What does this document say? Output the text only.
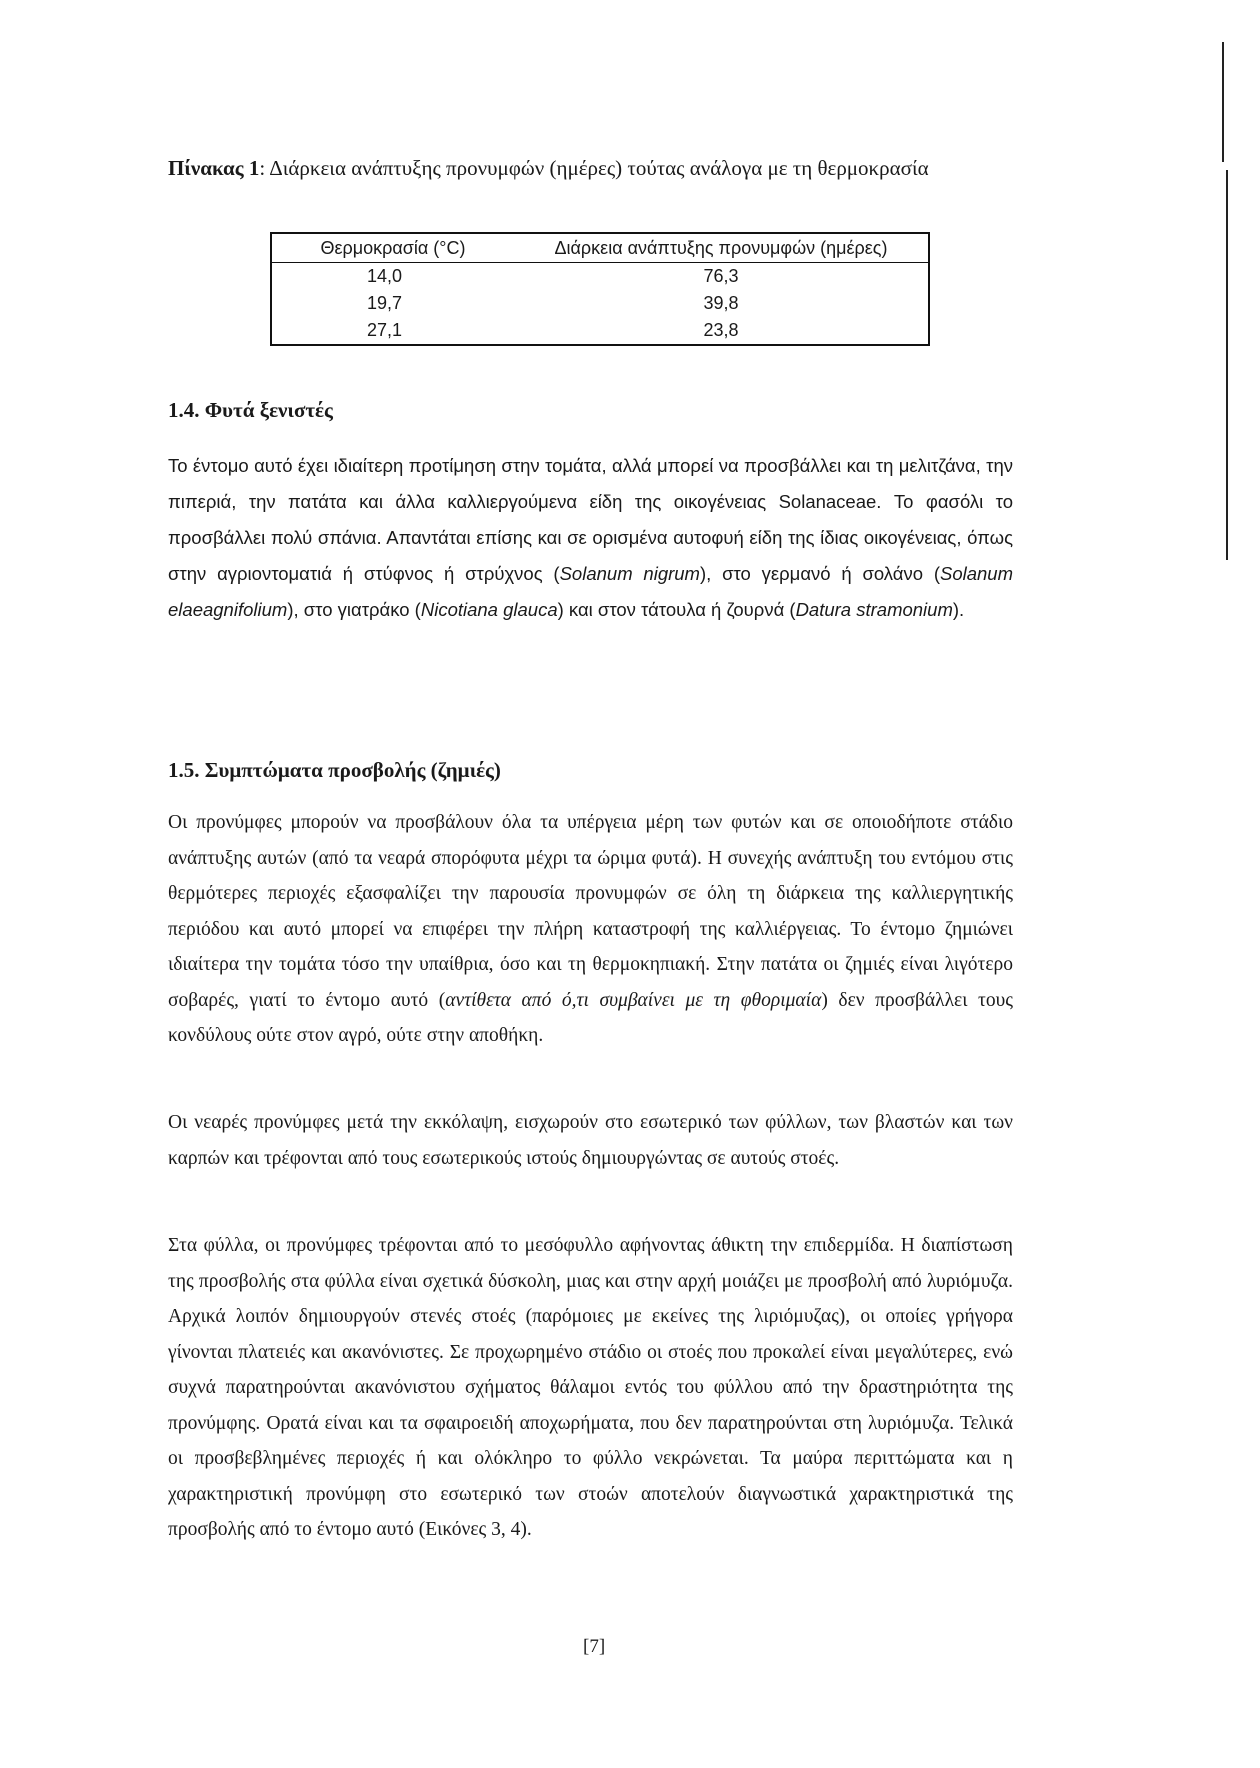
Πίνακας 1: Διάρκεια ανάπτυξης προνυμφών (ημέρες) τούτας ανάλογα με τη θερμοκρασία
Θερμοκρασία (°C)	Διάρκεια ανάπτυξης προνυμφών (ημέρες)
14,0	76,3
19,7	39,8
27,1	23,8
1.4. Φυτά ξενιστές
Το έντομο αυτό έχει ιδιαίτερη προτίμηση στην τομάτα, αλλά μπορεί να προσβάλλει και τη μελιτζάνα, την πιπεριά, την πατάτα και άλλα καλλιεργούμενα είδη της οικογένειας Solanaceae. Το φασόλι το προσβάλλει πολύ σπάνια. Απαντάται επίσης και σε ορισμένα αυτοφυή είδη της ίδιας οικογένειας, όπως στην αγριοντοματιά ή στύφνος ή στρύχνος (Solanum nigrum), στο γερμανό ή σολάνο (Solanum elaeagnifolium), στο γιατράκο (Nicotiana glauca) και στον τάτουλα ή ζουρνά (Datura stramonium).
1.5. Συμπτώματα προσβολής (ζημιές)
Οι προνύμφες μπορούν να προσβάλουν όλα τα υπέργεια μέρη των φυτών και σε οποιοδήποτε στάδιο ανάπτυξης αυτών (από τα νεαρά σπορόφυτα μέχρι τα ώριμα φυτά). Η συνεχής ανάπτυξη του εντόμου στις θερμότερες περιοχές εξασφαλίζει την παρουσία προνυμφών σε όλη τη διάρκεια της καλλιεργητικής περιόδου και αυτό μπορεί να επιφέρει την πλήρη καταστροφή της καλλιέργειας. Το έντομο ζημιώνει ιδιαίτερα την τομάτα τόσο την υπαίθρια, όσο και τη θερμοκηπιακή. Στην πατάτα οι ζημιές είναι λιγότερο σοβαρές, γιατί το έντομο αυτό (αντίθετα από ό,τι συμβαίνει με τη φθοριμαία) δεν προσβάλλει τους κονδύλους ούτε στον αγρό, ούτε στην αποθήκη.
Οι νεαρές προνύμφες μετά την εκκόλαψη, εισχωρούν στο εσωτερικό των φύλλων, των βλαστών και των καρπών και τρέφονται από τους εσωτερικούς ιστούς δημιουργώντας σε αυτούς στοές.
Στα φύλλα, οι προνύμφες τρέφονται από το μεσόφυλλο αφήνοντας άθικτη την επιδερμίδα. Η διαπίστωση της προσβολής στα φύλλα είναι σχετικά δύσκολη, μιας και στην αρχή μοιάζει με προσβολή από λυριόμυζα. Αρχικά λοιπόν δημιουργούν στενές στοές (παρόμοιες με εκείνες της λιριόμυζας), οι οποίες γρήγορα γίνονται πλατειές και ακανόνιστες. Σε προχωρημένο στάδιο οι στοές που προκαλεί είναι μεγαλύτερες, ενώ συχνά παρατηρούνται ακανόνιστου σχήματος θάλαμοι εντός του φύλλου από την δραστηριότητα της προνύμφης. Ορατά είναι και τα σφαιροειδή αποχωρήματα, που δεν παρατηρούνται στη λυριόμυζα. Τελικά οι προσβεβλημένες περιοχές ή και ολόκληρο το φύλλο νεκρώνεται. Τα μαύρα περιττώματα και η χαρακτηριστική προνύμφη στο εσωτερικό των στοών αποτελούν διαγνωστικά χαρακτηριστικά της προσβολής από το έντομο αυτό (Εικόνες 3, 4).
[7]
